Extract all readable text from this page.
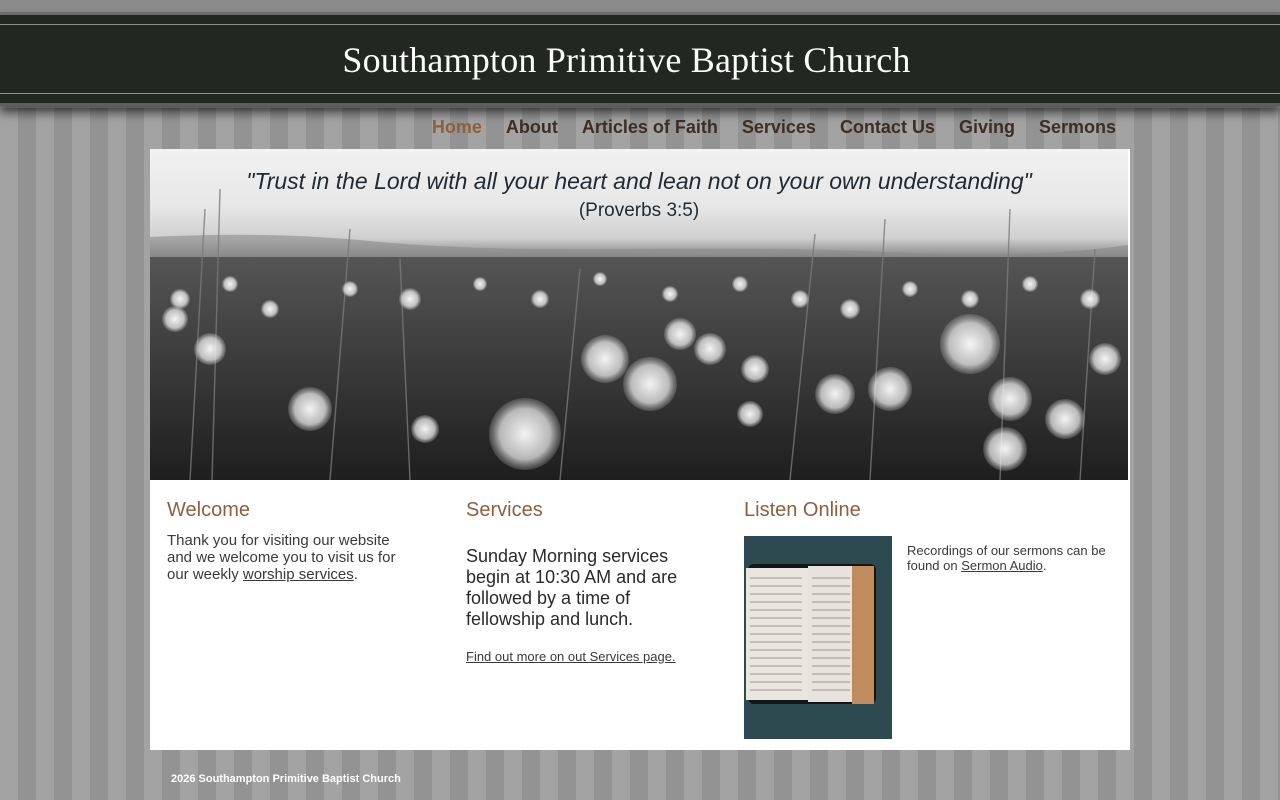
Southampton Primitive Baptist Church
Home About Articles of Faith Services Contact Us Giving Sermons
"Trust in the Lord with all your heart and lean not on your own understanding"
(Proverbs 3:5)
Welcome

Thank you for visiting our website and we welcome you to visit us for our weekly worship services.

Services

Sunday Morning services begin at 10:30 AM and are followed by a time of fellowship and lunch.

Find out more on out Services page.

Listen Online

Recordings of our sermons can be found on Sermon Audio.

2026 Southampton Primitive Baptist Church
